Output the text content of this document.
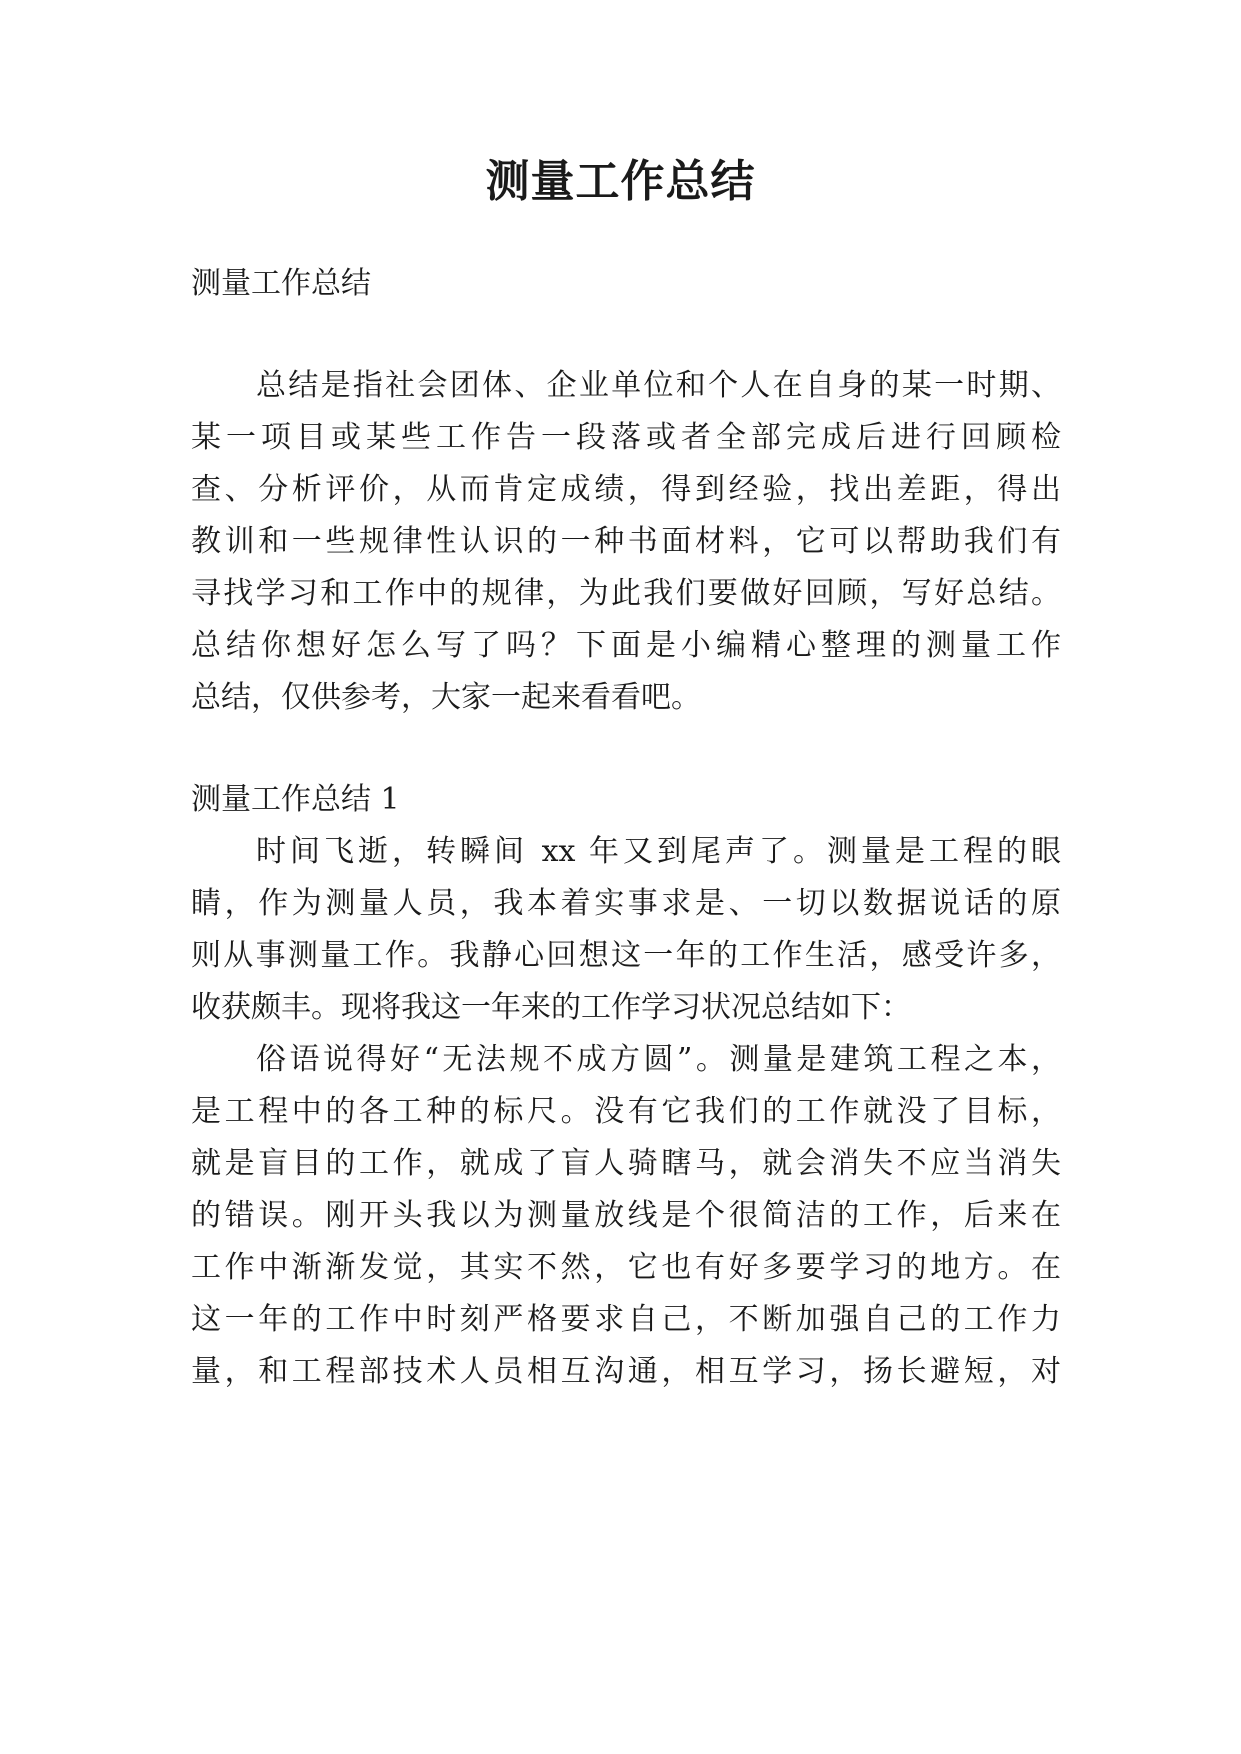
测量工作总结

测量工作总结

总结是指社会团体、企业单位和个人在自身的某一时期、

某一项目或某些工作告一段落或者全部完成后进行回顾检

查、分析评价，从而肯定成绩，得到经验，找出差距，得出

教训和一些规律性认识的一种书面材料，它可以帮助我们有

寻找学习和工作中的规律，为此我们要做好回顾，写好总结。

总结你想好怎么写了吗？下面是小编精心整理的测量工作

总结，仅供参考，大家一起来看看吧。

测量工作总结 1

时间飞逝，转瞬间 xx 年又到尾声了。测量是工程的眼

睛，作为测量人员，我本着实事求是、一切以数据说话的原

则从事测量工作。我静心回想这一年的工作生活，感受许多，

收获颇丰。现将我这一年来的工作学习状况总结如下：

俗语说得好“无法规不成方圆”。测量是建筑工程之本，

是工程中的各工种的标尺。没有它我们的工作就没了目标，

就是盲目的工作，就成了盲人骑瞎马，就会消失不应当消失

的错误。刚开头我以为测量放线是个很简洁的工作，后来在

工作中渐渐发觉，其实不然，它也有好多要学习的地方。在

这一年的工作中时刻严格要求自己，不断加强自己的工作力

量，和工程部技术人员相互沟通，相互学习，扬长避短，对
